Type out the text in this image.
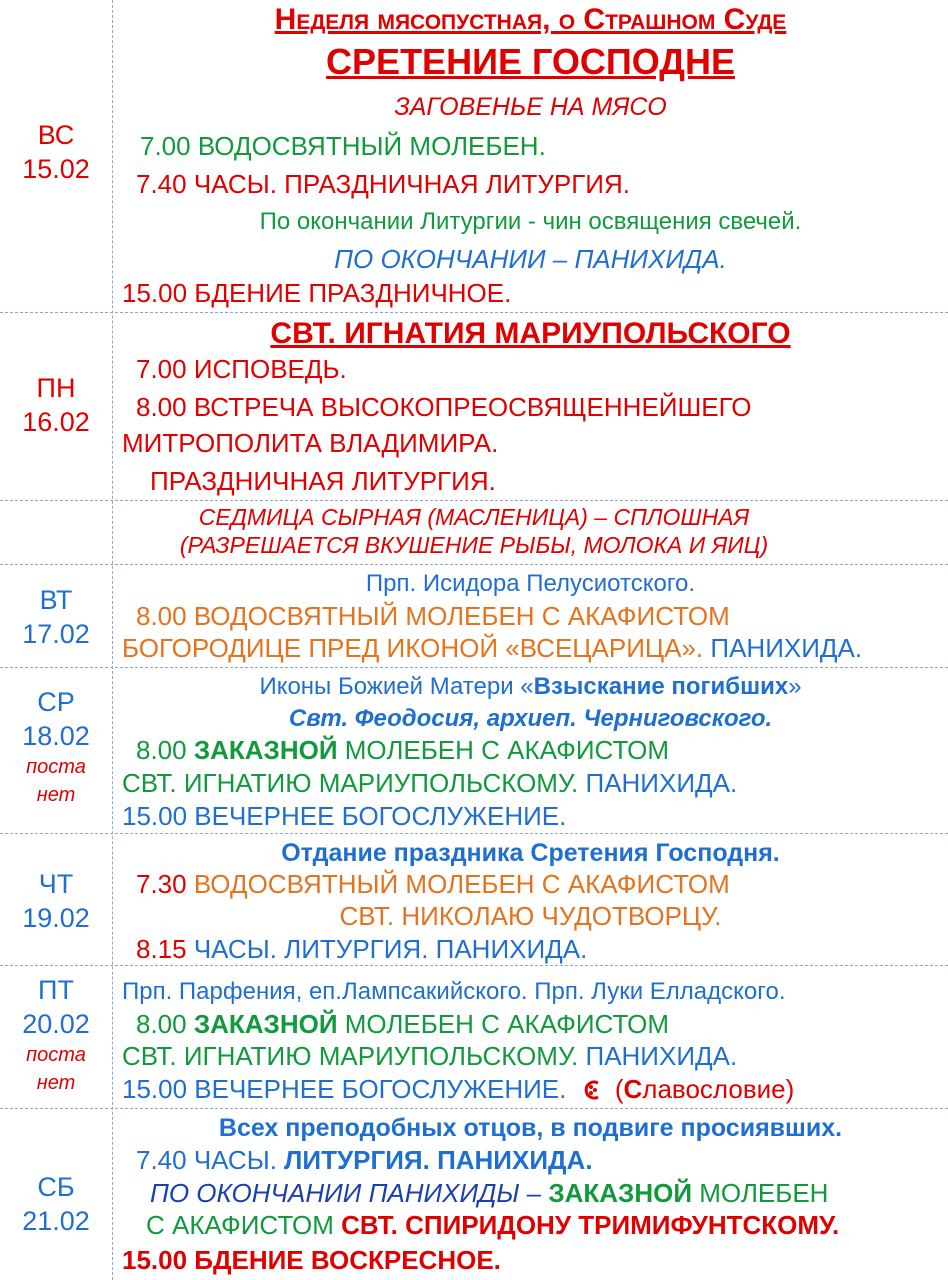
ВС
15.02
ПН
16.02
ВТ
17.02
СР
18.02
поста
нет
ЧТ
19.02
ПТ
20.02
поста
нет
СБ
21.02
Неделя мясопустная, о Страшном Суде
СРЕТЕНИЕ ГОСПОДНЕ
ЗАГОВЕНЬЕ НА МЯСО
7.00 ВОДОСВЯТНЫЙ МОЛЕБЕН.
7.40 ЧАСЫ. ПРАЗДНИЧНАЯ ЛИТУРГИЯ.
По окончании Литургии - чин освящения свечей.
ПО ОКОНЧАНИИ – ПАНИХИДА.
15.00 БДЕНИЕ ПРАЗДНИЧНОЕ.
СВТ. ИГНАТИЯ МАРИУПОЛЬСКОГО
7.00 ИСПОВЕДЬ.
8.00 ВСТРЕЧА ВЫСОКОПРЕОСВЯЩЕННЕЙШЕГО
МИТРОПОЛИТА ВЛАДИМИРА.
ПРАЗДНИЧНАЯ ЛИТУРГИЯ.
СЕДМИЦА СЫРНАЯ (МАСЛЕНИЦА) – СПЛОШНАЯ
(РАЗРЕШАЕТСЯ ВКУШЕНИЕ РЫБЫ, МОЛОКА И ЯИЦ)
Прп. Исидора Пелусиотского.
8.00 ВОДОСВЯТНЫЙ МОЛЕБЕН С АКАФИСТОМ
БОГОРОДИЦЕ ПРЕД ИКОНОЙ «ВСЕЦАРИЦА». ПАНИХИДА.
Иконы Божией Матери «Взыскание погибших»
Свт. Феодосия, архиеп. Черниговского.
8.00 ЗАКАЗНОЙ МОЛЕБЕН С АКАФИСТОМ
СВТ. ИГНАТИЮ МАРИУПОЛЬСКОМУ. ПАНИХИДА.
15.00 ВЕЧЕРНЕЕ БОГОСЛУЖЕНИЕ.
Отдание праздника Сретения Господня.
7.30 ВОДОСВЯТНЫЙ МОЛЕБЕН С АКАФИСТОМ
СВТ. НИКОЛАЮ ЧУДОТВОРЦУ.
8.15 ЧАСЫ. ЛИТУРГИЯ. ПАНИХИДА.
Прп. Парфения, еп.Лампсакийского. Прп. Луки Елладского.
8.00 ЗАКАЗНОЙ МОЛЕБЕН С АКАФИСТОМ
СВТ. ИГНАТИЮ МАРИУПОЛЬСКОМУ. ПАНИХИДА.
15.00 ВЕЧЕРНЕЕ БОГОСЛУЖЕНИЕ. (Славословие)
Всех преподобных отцов, в подвиге просиявших.
7.40 ЧАСЫ. ЛИТУРГИЯ. ПАНИХИДА.
ПО ОКОНЧАНИИ ПАНИХИДЫ – ЗАКАЗНОЙ МОЛЕБЕН
С АКАФИСТОМ СВТ. СПИРИДОНУ ТРИМИФУНТСКОМУ.
15.00 БДЕНИЕ ВОСКРЕСНОЕ.
